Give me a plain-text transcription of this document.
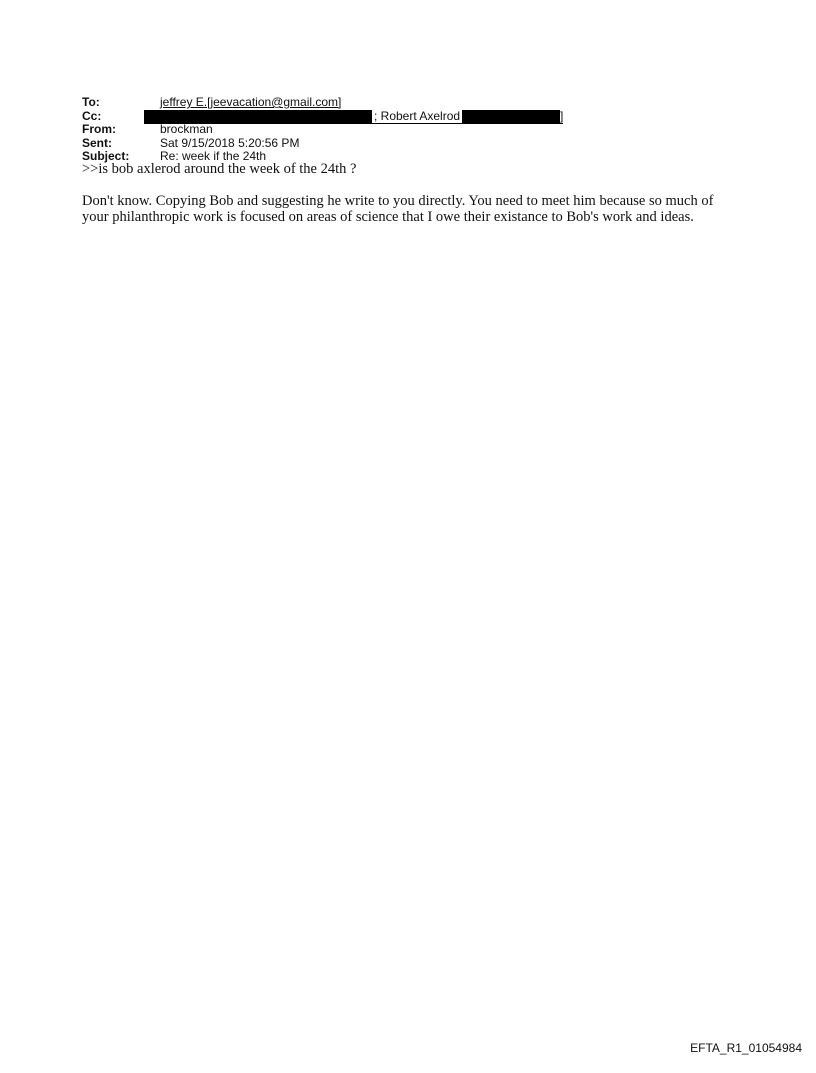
To:	jeffrey E.[jeevacation@gmail.com]
Cc:	; Robert Axelrod	]
From:	brockman
Sent:	Sat 9/15/2018 5:20:56 PM
Subject:	Re: week if the 24th

>>is bob axlerod around the week of the 24th ?

Don't know. Copying Bob and suggesting he write to you directly. You need to meet him because so much of your philanthropic work is focused on areas of science that I owe their existance to Bob's work and ideas.

EFTA_R1_01054984
